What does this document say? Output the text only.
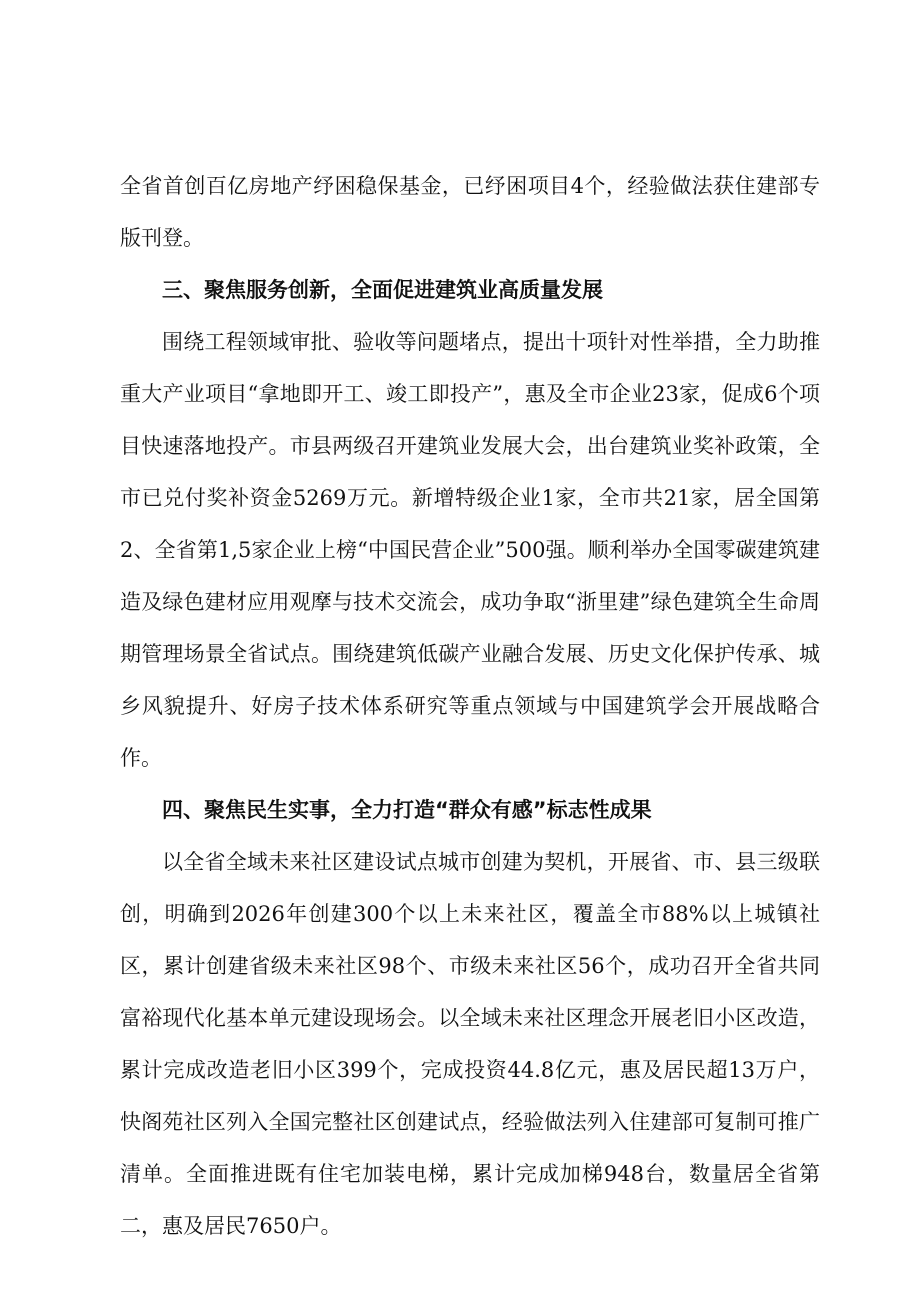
全省首创百亿房地产纾困稳保基金，已纾困项目4个，经验做法获住建部专版刊登。

三、聚焦服务创新，全面促进建筑业高质量发展

围绕工程领域审批、验收等问题堵点，提出十项针对性举措，全力助推重大产业项目“拿地即开工、竣工即投产”，惠及全市企业23家，促成6个项目快速落地投产。市县两级召开建筑业发展大会，出台建筑业奖补政策，全市已兑付奖补资金5269万元。新增特级企业1家，全市共21家，居全国第2、全省第1,5家企业上榜“中国民营企业”500强。顺利举办全国零碳建筑建造及绿色建材应用观摩与技术交流会，成功争取“浙里建”绿色建筑全生命周期管理场景全省试点。围绕建筑低碳产业融合发展、历史文化保护传承、城乡风貌提升、好房子技术体系研究等重点领域与中国建筑学会开展战略合作。

四、聚焦民生实事，全力打造“群众有感”标志性成果

以全省全域未来社区建设试点城市创建为契机，开展省、市、县三级联创，明确到2026年创建300个以上未来社区，覆盖全市88%以上城镇社区，累计创建省级未来社区98个、市级未来社区56个，成功召开全省共同富裕现代化基本单元建设现场会。以全域未来社区理念开展老旧小区改造，累计完成改造老旧小区399个，完成投资44.8亿元，惠及居民超13万户，快阁苑社区列入全国完整社区创建试点，经验做法列入住建部可复制可推广清单。全面推进既有住宅加装电梯，累计完成加梯948台，数量居全省第二，惠及居民7650户。
